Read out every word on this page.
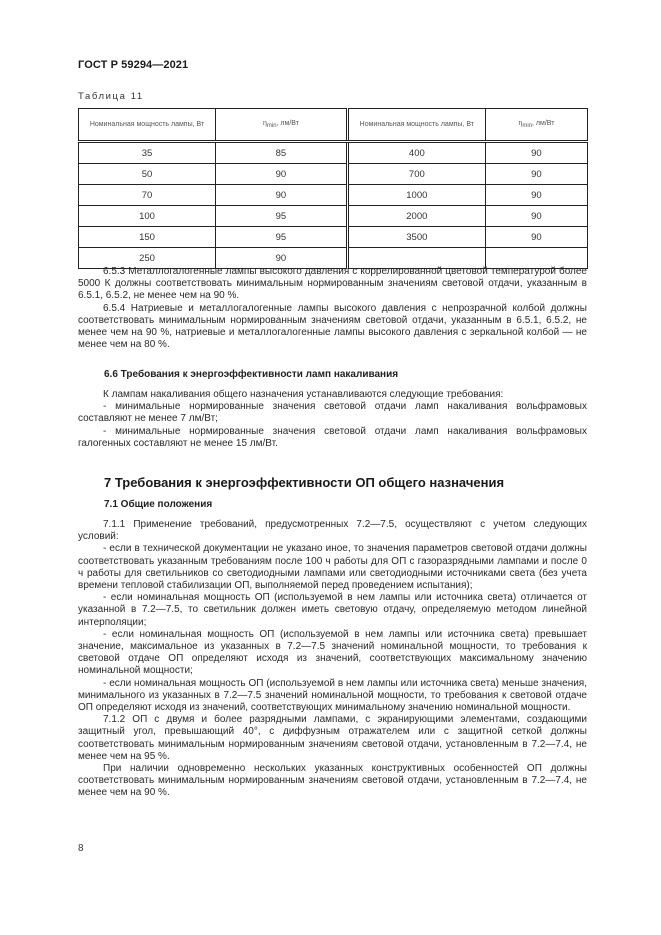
ГОСТ Р 59294—2021
Таблица 11
Номинальная мощность лампы, Вт	$\eta_{min}$, лм/Вт	Номинальная мощность лампы, Вт	$\eta_{min}$, лм/Вт
35	85	400	90
50	90	700	90
70	90	1000	90
100	95	2000	90
150	95	3500	90
250	90		

6.5.3 Металлогалогенные лампы высокого давления с коррелированной цветовой температурой более 5000 К должны соответствовать минимальным нормированным значениям световой отдачи, указанным в 6.5.1, 6.5.2, не менее чем на 90 %.

6.5.4 Натриевые и металлогалогенные лампы высокого давления с непрозрачной колбой должны соответствовать минимальным нормированным значениям световой отдачи, указанным в 6.5.1, 6.5.2, не менее чем на 90 %, натриевые и металлогалогенные лампы высокого давления с зеркальной колбой — не менее чем на 80 %.

6.6 Требования к энергоэффективности ламп накаливания

К лампам накаливания общего назначения устанавливаются следующие требования:

- минимальные нормированные значения световой отдачи ламп накаливания вольфрамовых составляют не менее 7 лм/Вт;

- минимальные нормированные значения световой отдачи ламп накаливания вольфрамовых галогенных составляют не менее 15 лм/Вт.

7 Требования к энергоэффективности ОП общего назначения
7.1 Общие положения

7.1.1 Применение требований, предусмотренных 7.2—7.5, осуществляют с учетом следующих условий:

- если в технической документации не указано иное, то значения параметров световой отдачи должны соответствовать указанным требованиям после 100 ч работы для ОП с газоразрядными лампами и после 0 ч работы для светильников со светодиодными лампами или светодиодными источниками света (без учета времени тепловой стабилизации ОП, выполняемой перед проведением испытания);

- если номинальная мощность ОП (используемой в нем лампы или источника света) отличается от указанной в 7.2—7.5, то светильник должен иметь световую отдачу, определяемую методом линейной интерполяции;

- если номинальная мощность ОП (используемой в нем лампы или источника света) превышает значение, максимальное из указанных в 7.2—7.5 значений номинальной мощности, то требования к световой отдаче ОП определяют исходя из значений, соответствующих максимальному значению номинальной мощности;

- если номинальная мощность ОП (используемой в нем лампы или источника света) меньше значения, минимального из указанных в 7.2—7.5 значений номинальной мощности, то требования к световой отдаче ОП определяют исходя из значений, соответствующих минимальному значению номинальной мощности.

7.1.2 ОП с двумя и более разрядными лампами, с экранирующими элементами, создающими защитный угол, превышающий 40°, с диффузным отражателем или с защитной сеткой должны соответствовать минимальным нормированным значениям световой отдачи, установленным в 7.2—7.4, не менее чем на 95 %.

При наличии одновременно нескольких указанных конструктивных особенностей ОП должны соответствовать минимальным нормированным значениям световой отдачи, установленным в 7.2—7.4, не менее чем на 90 %.

8
